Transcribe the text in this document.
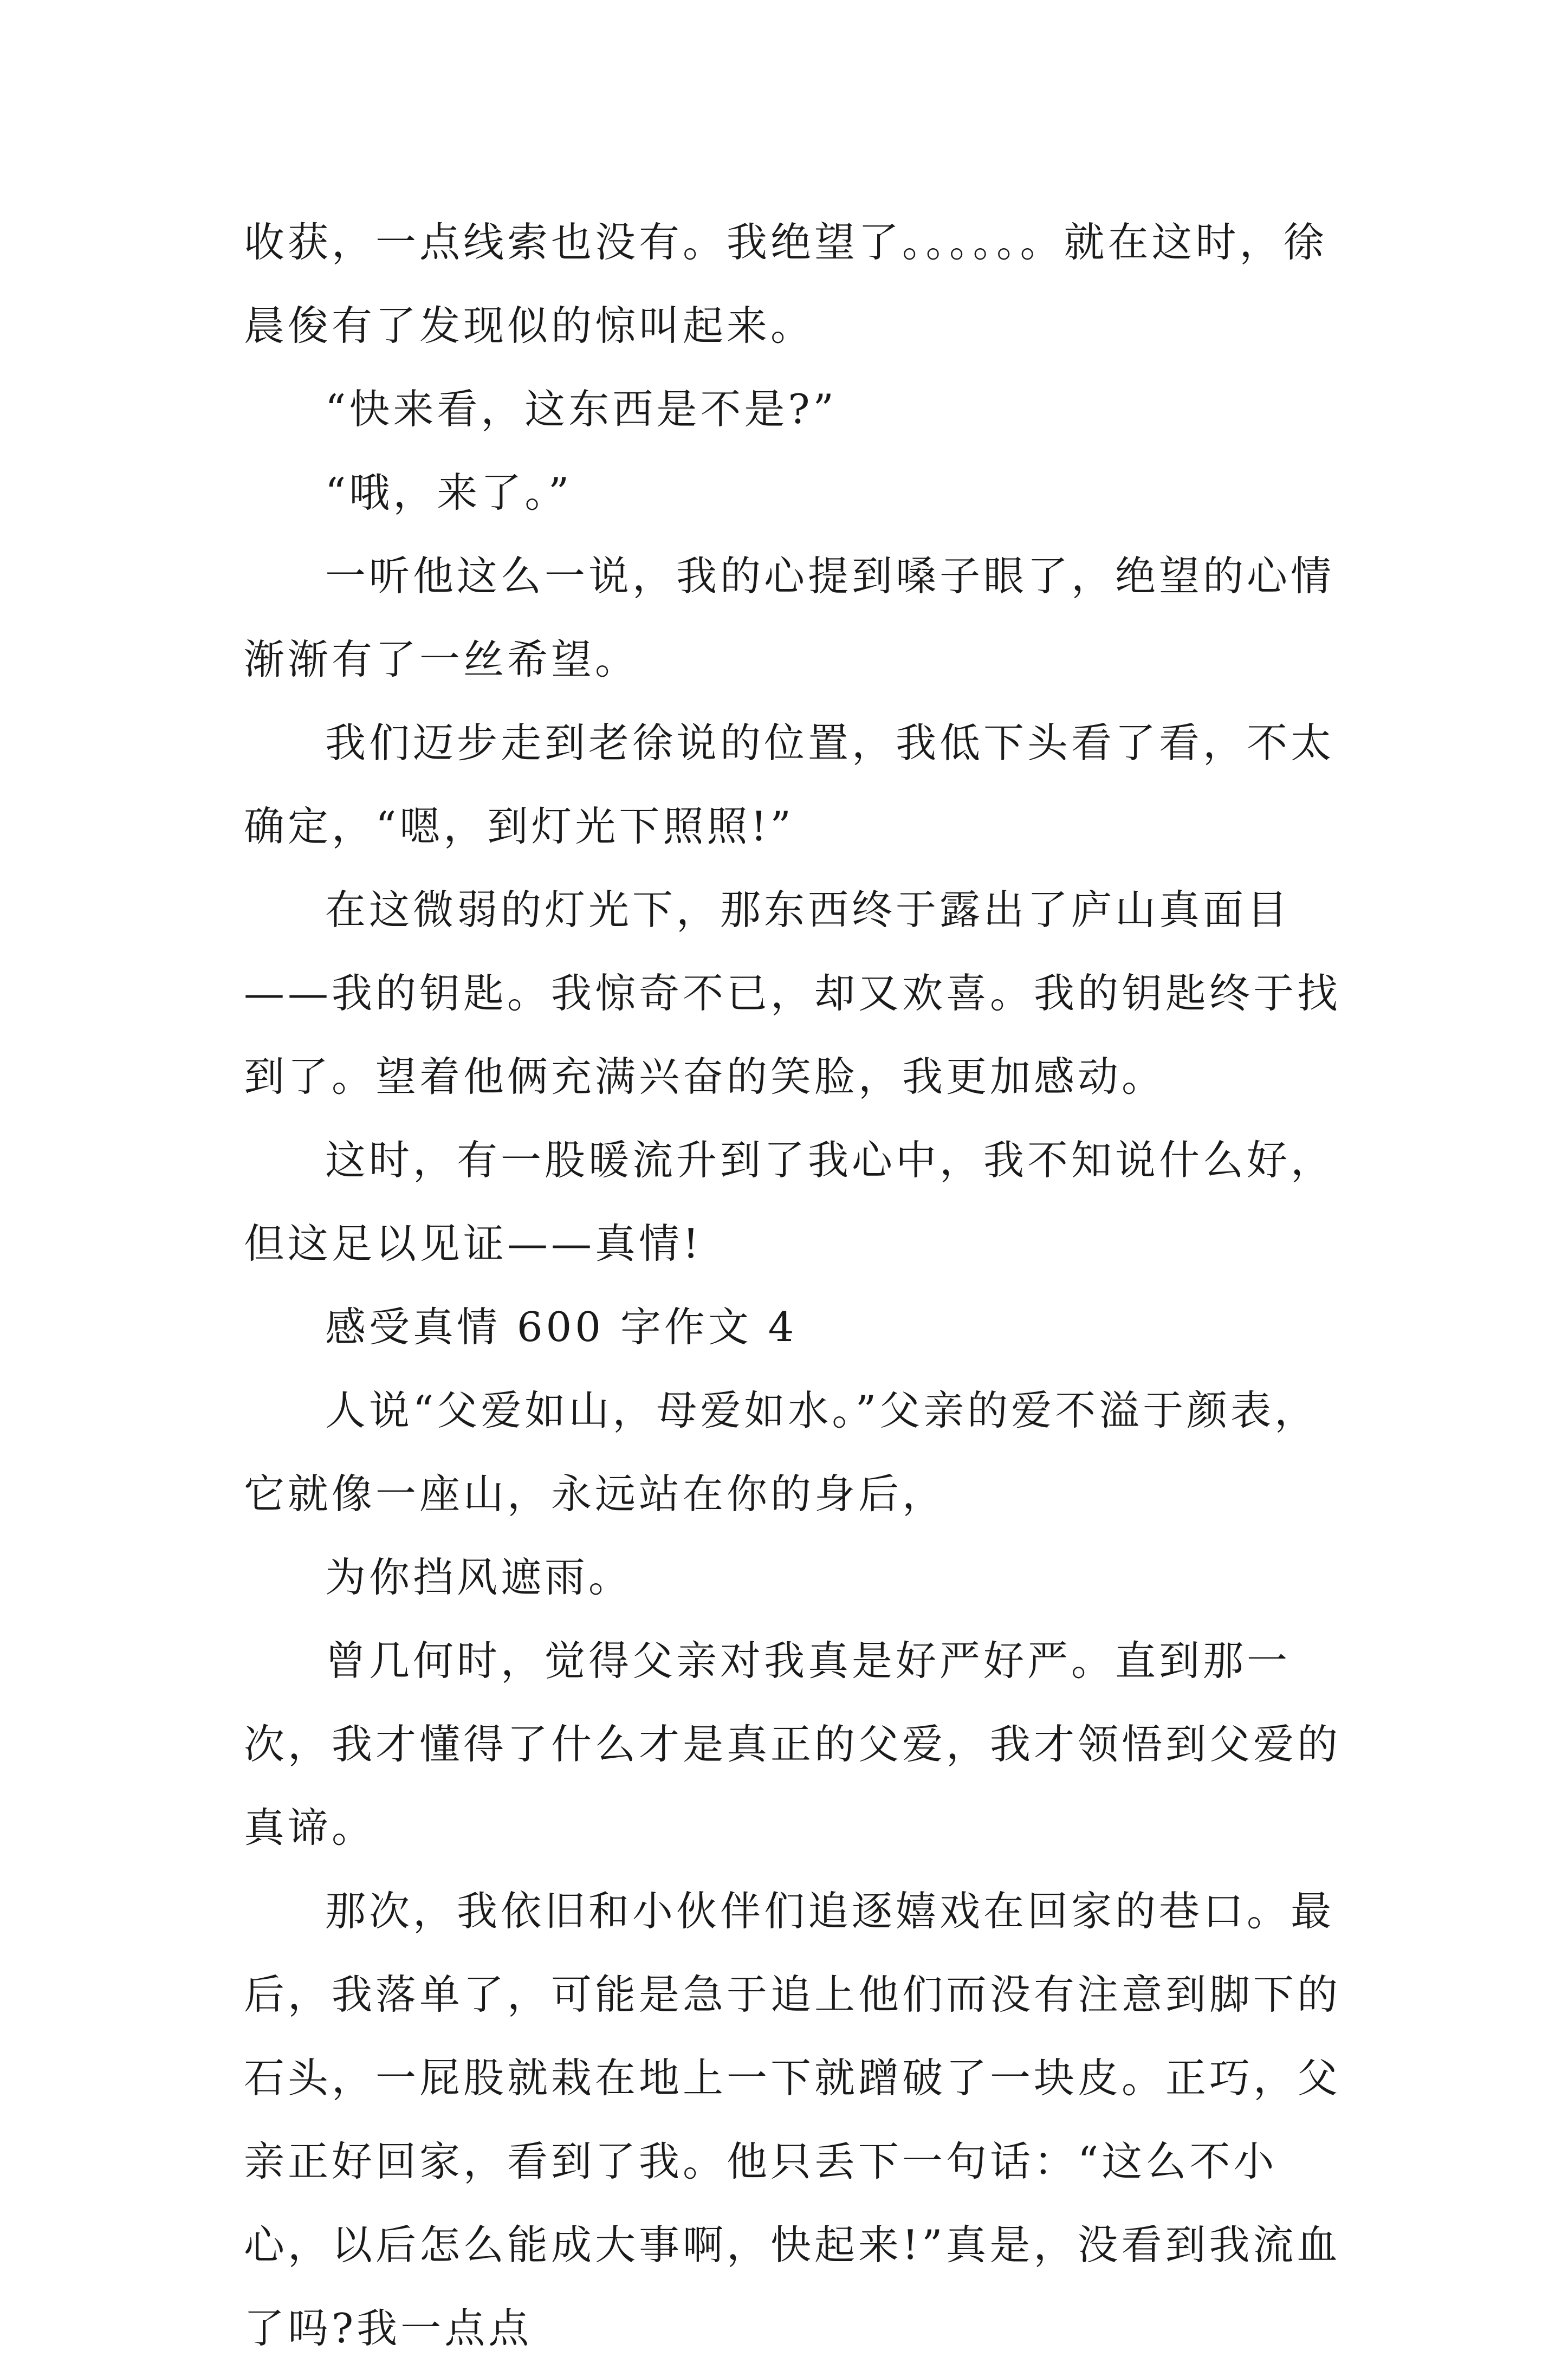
收获，一点线索也没有。我绝望了。。。。。。就在这时，徐晨俊有了发现似的惊叫起来。

“快来看，这东西是不是?”

“哦，来了。”

一听他这么一说，我的心提到嗓子眼了，绝望的心情渐渐有了一丝希望。

我们迈步走到老徐说的位置，我低下头看了看，不太确定，“嗯，到灯光下照照!”

在这微弱的灯光下，那东西终于露出了庐山真面目——我的钥匙。我惊奇不已，却又欢喜。我的钥匙终于找到了。望着他俩充满兴奋的笑脸，我更加感动。

这时，有一股暖流升到了我心中，我不知说什么好，但这足以见证——真情!

感受真情 600 字作文 4

人说“父爱如山，母爱如水。”父亲的爱不溢于颜表，它就像一座山，永远站在你的身后，

为你挡风遮雨。

曾几何时，觉得父亲对我真是好严好严。直到那一次，我才懂得了什么才是真正的父爱，我才领悟到父爱的真谛。

那次，我依旧和小伙伴们追逐嬉戏在回家的巷口。最后，我落单了，可能是急于追上他们而没有注意到脚下的石头，一屁股就栽在地上一下就蹭破了一块皮。正巧，父亲正好回家，看到了我。他只丢下一句话：“这么不小心，以后怎么能成大事啊，快起来!”真是，没看到我流血了吗?我一点点
